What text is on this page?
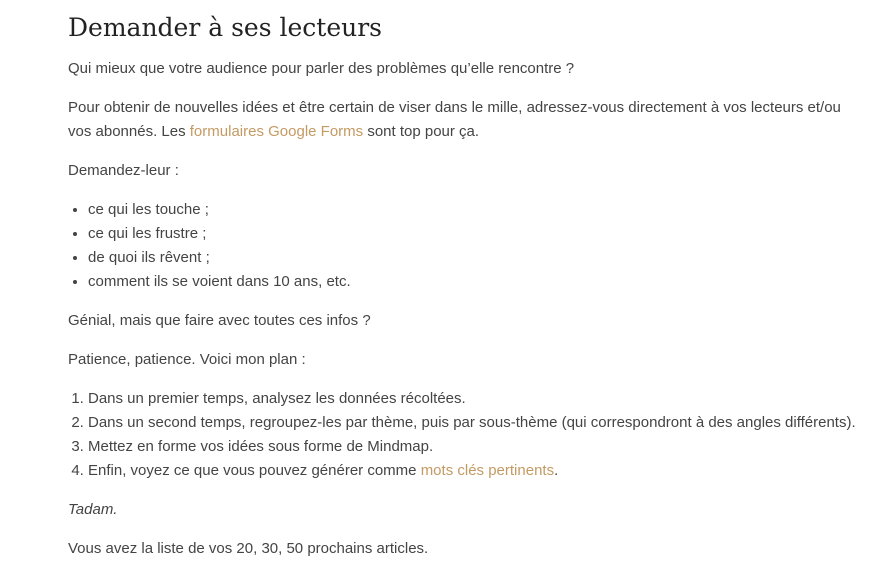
Demander à ses lecteurs

Qui mieux que votre audience pour parler des problèmes qu’elle rencontre ?

Pour obtenir de nouvelles idées et être certain de viser dans le mille, adressez-vous directement à vos lecteurs et/ou vos abonnés. Les formulaires Google Forms sont top pour ça.

Demandez-leur :

• ce qui les touche ;
• ce qui les frustre ;
• de quoi ils rêvent ;
• comment ils se voient dans 10 ans, etc.

Génial, mais que faire avec toutes ces infos ?

Patience, patience. Voici mon plan :

1. Dans un premier temps, analysez les données récoltées.
2. Dans un second temps, regroupez-les par thème, puis par sous-thème (qui correspondront à des angles différents).
3. Mettez en forme vos idées sous forme de Mindmap.
4. Enfin, voyez ce que vous pouvez générer comme mots clés pertinents.

Tadam.

Vous avez la liste de vos 20, 30, 50 prochains articles.
